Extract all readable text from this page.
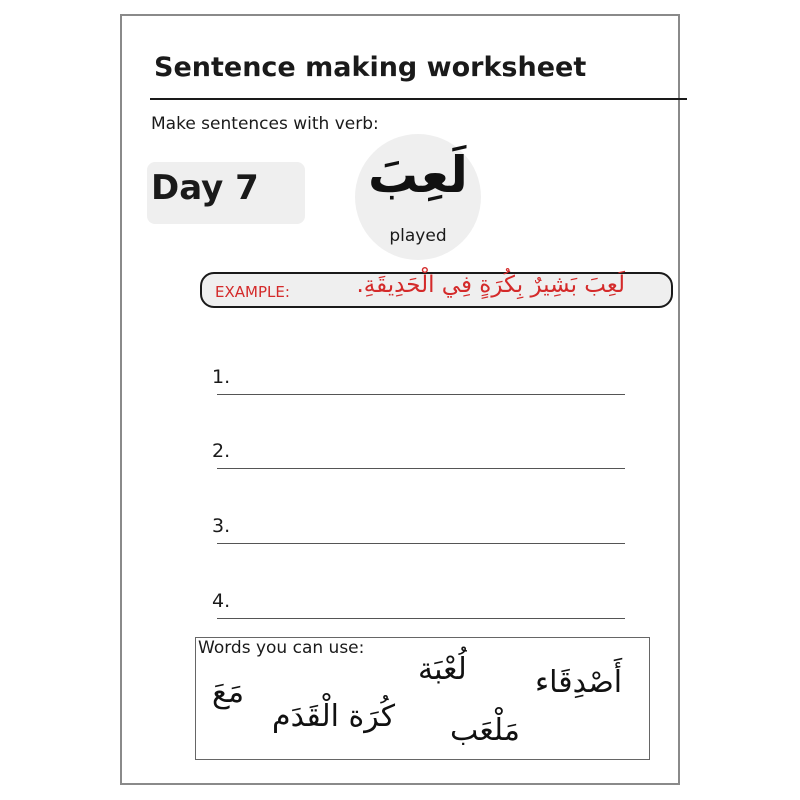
Sentence making worksheet
Make sentences with verb:
Day 7 لَعِبَ
played
EXAMPLE:	لَعِبَ بَشِيرٌ بِكُرَةٍ فِي الْحَدِيقَةِ.
1.
2.
3.
4.
Words you can use:
أَصْدِقَاء
لُعْبَة
مَعَ
كُرَة الْقَدَم مَلْعَب
